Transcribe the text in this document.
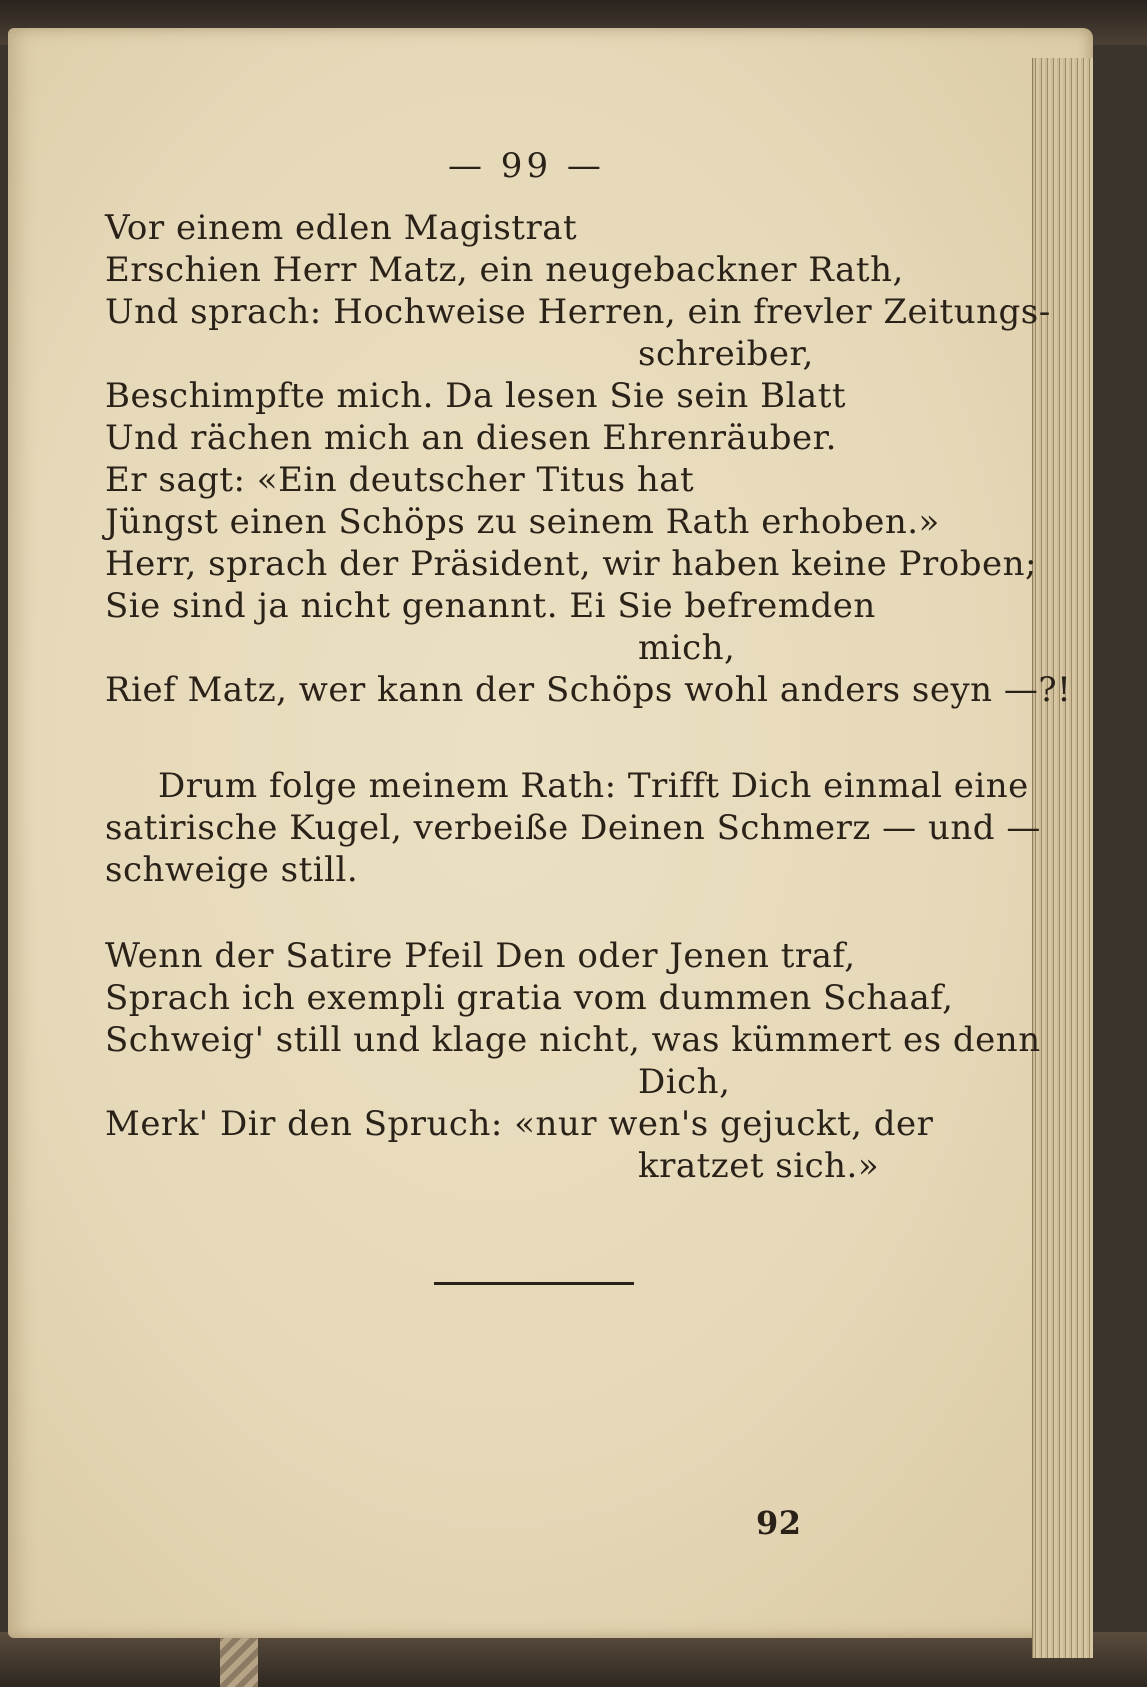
— 99 —
Vor einem edlen Magistrat
Erschien Herr Matz, ein neugebackner Rath,
Und sprach: Hochweise Herren, ein frevler Zeitungs-
schreiber,
Beschimpfte mich. Da lesen Sie sein Blatt
Und rächen mich an diesen Ehrenräuber.
Er sagt: «Ein deutscher Titus hat
Jüngst einen Schöps zu seinem Rath erhoben.»
Herr, sprach der Präsident, wir haben keine Proben;
Sie sind ja nicht genannt. Ei Sie befremden
mich,
Rief Matz, wer kann der Schöps wohl anders seyn —?!
Drum folge meinem Rath: Trifft Dich einmal eine
satirische Kugel, verbeiße Deinen Schmerz — und —
schweige still.
Wenn der Satire Pfeil Den oder Jenen traf,
Sprach ich exempli gratia vom dummen Schaaf,
Schweig' still und klage nicht, was kümmert es denn
Dich,
Merk' Dir den Spruch: «nur wen's gejuckt, der
kratzet sich.»
92
